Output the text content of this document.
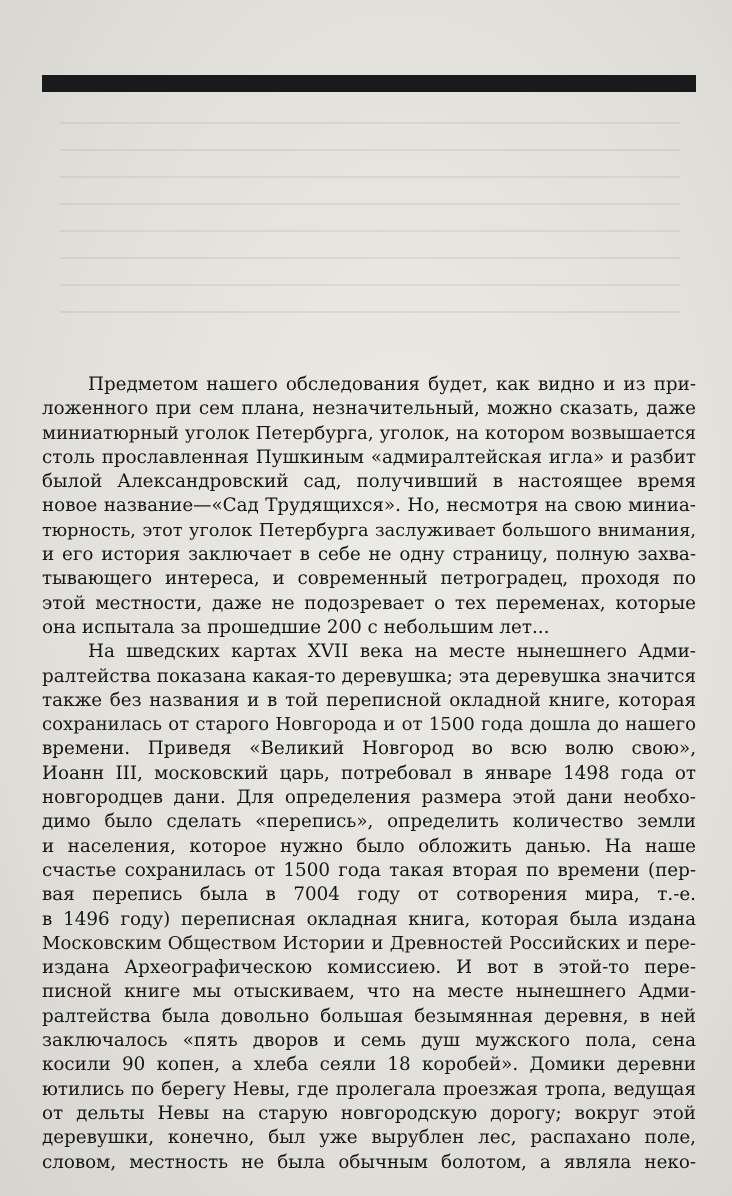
Предметом нашего обследования будет, как видно и из при-
ложенного при сем плана, незначительный, можно сказать, даже
миниатюрный уголок Петербурга, уголок, на котором возвышается
столь прославленная Пушкиным «адмиралтейская игла» и разбит
былой Александровский сад, получивший в настоящее время
новое название—«Сад Трудящихся». Но, несмотря на свою миниа-
тюрность, этот уголок Петербурга заслуживает большого внимания,
и его история заключает в себе не одну страницу, полную захва-
тывающего интереса, и современный петроградец, проходя по
этой местности, даже не подозревает о тех переменах, которые
она испытала за прошедшие 200 с небольшим лет...
На шведских картах XVII века на месте нынешнего Адми-
ралтейства показана какая-то деревушка; эта деревушка значится
также без названия и в той переписной окладной книге, которая
сохранилась от старого Новгорода и от 1500 года дошла до нашего
времени. Приведя «Великий Новгород во всю волю свою»,
Иоанн III, московский царь, потребовал в январе 1498 года от
новгородцев дани. Для определения размера этой дани необхо-
димо было сделать «перепись», определить количество земли
и населения, которое нужно было обложить данью. На наше
счастье сохранилась от 1500 года такая вторая по времени (пер-
вая перепись была в 7004 году от сотворения мира, т.-е.
в 1496 году) переписная окладная книга, которая была издана
Московским Обществом Истории и Древностей Российских и пере-
издана Археографическою комиссиею. И вот в этой-то пере-
писной книге мы отыскиваем, что на месте нынешнего Адми-
ралтейства была довольно большая безымянная деревня, в ней
заключалось «пять дворов и семь душ мужского пола, сена
косили 90 копен, а хлеба сеяли 18 коробей». Домики деревни
ютились по берегу Невы, где пролегала проезжая тропа, ведущая
от дельты Невы на старую новгородскую дорогу; вокруг этой
деревушки, конечно, был уже вырублен лес, распахано поле,
словом, местность не была обычным болотом, а являла неко-
